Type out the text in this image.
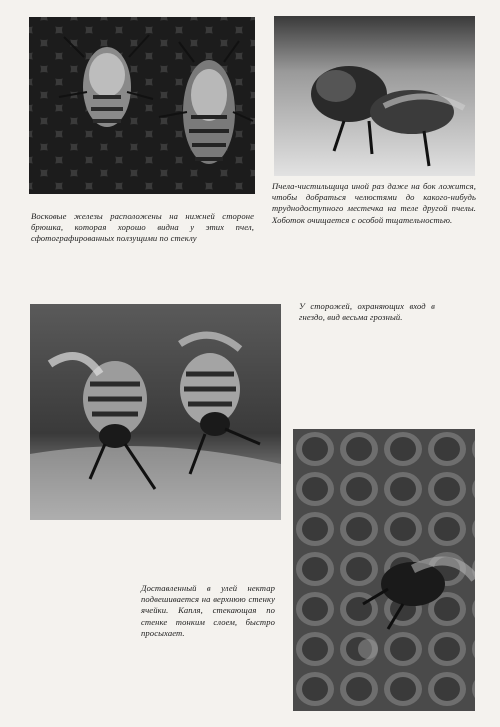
Восковые железы расположены на нижней стороне брюшка, которая хорошо видна у этих пчел, сфотографированных ползущими по стеклу
Пчела-чистильщица иной раз даже на бок ложится, чтобы добраться челюстями до какого-нибудь труднодоступного местечка на теле другой пчелы. Хоботок очищается с особой тщательностью.
У сторожей, охраняющих вход в гнездо, вид весьма грозный.
Доставленный в улей нектар подвешивается на верхнюю стенку ячейки. Капля, стекающая по стенке тонким слоем, быстро просыхает.
